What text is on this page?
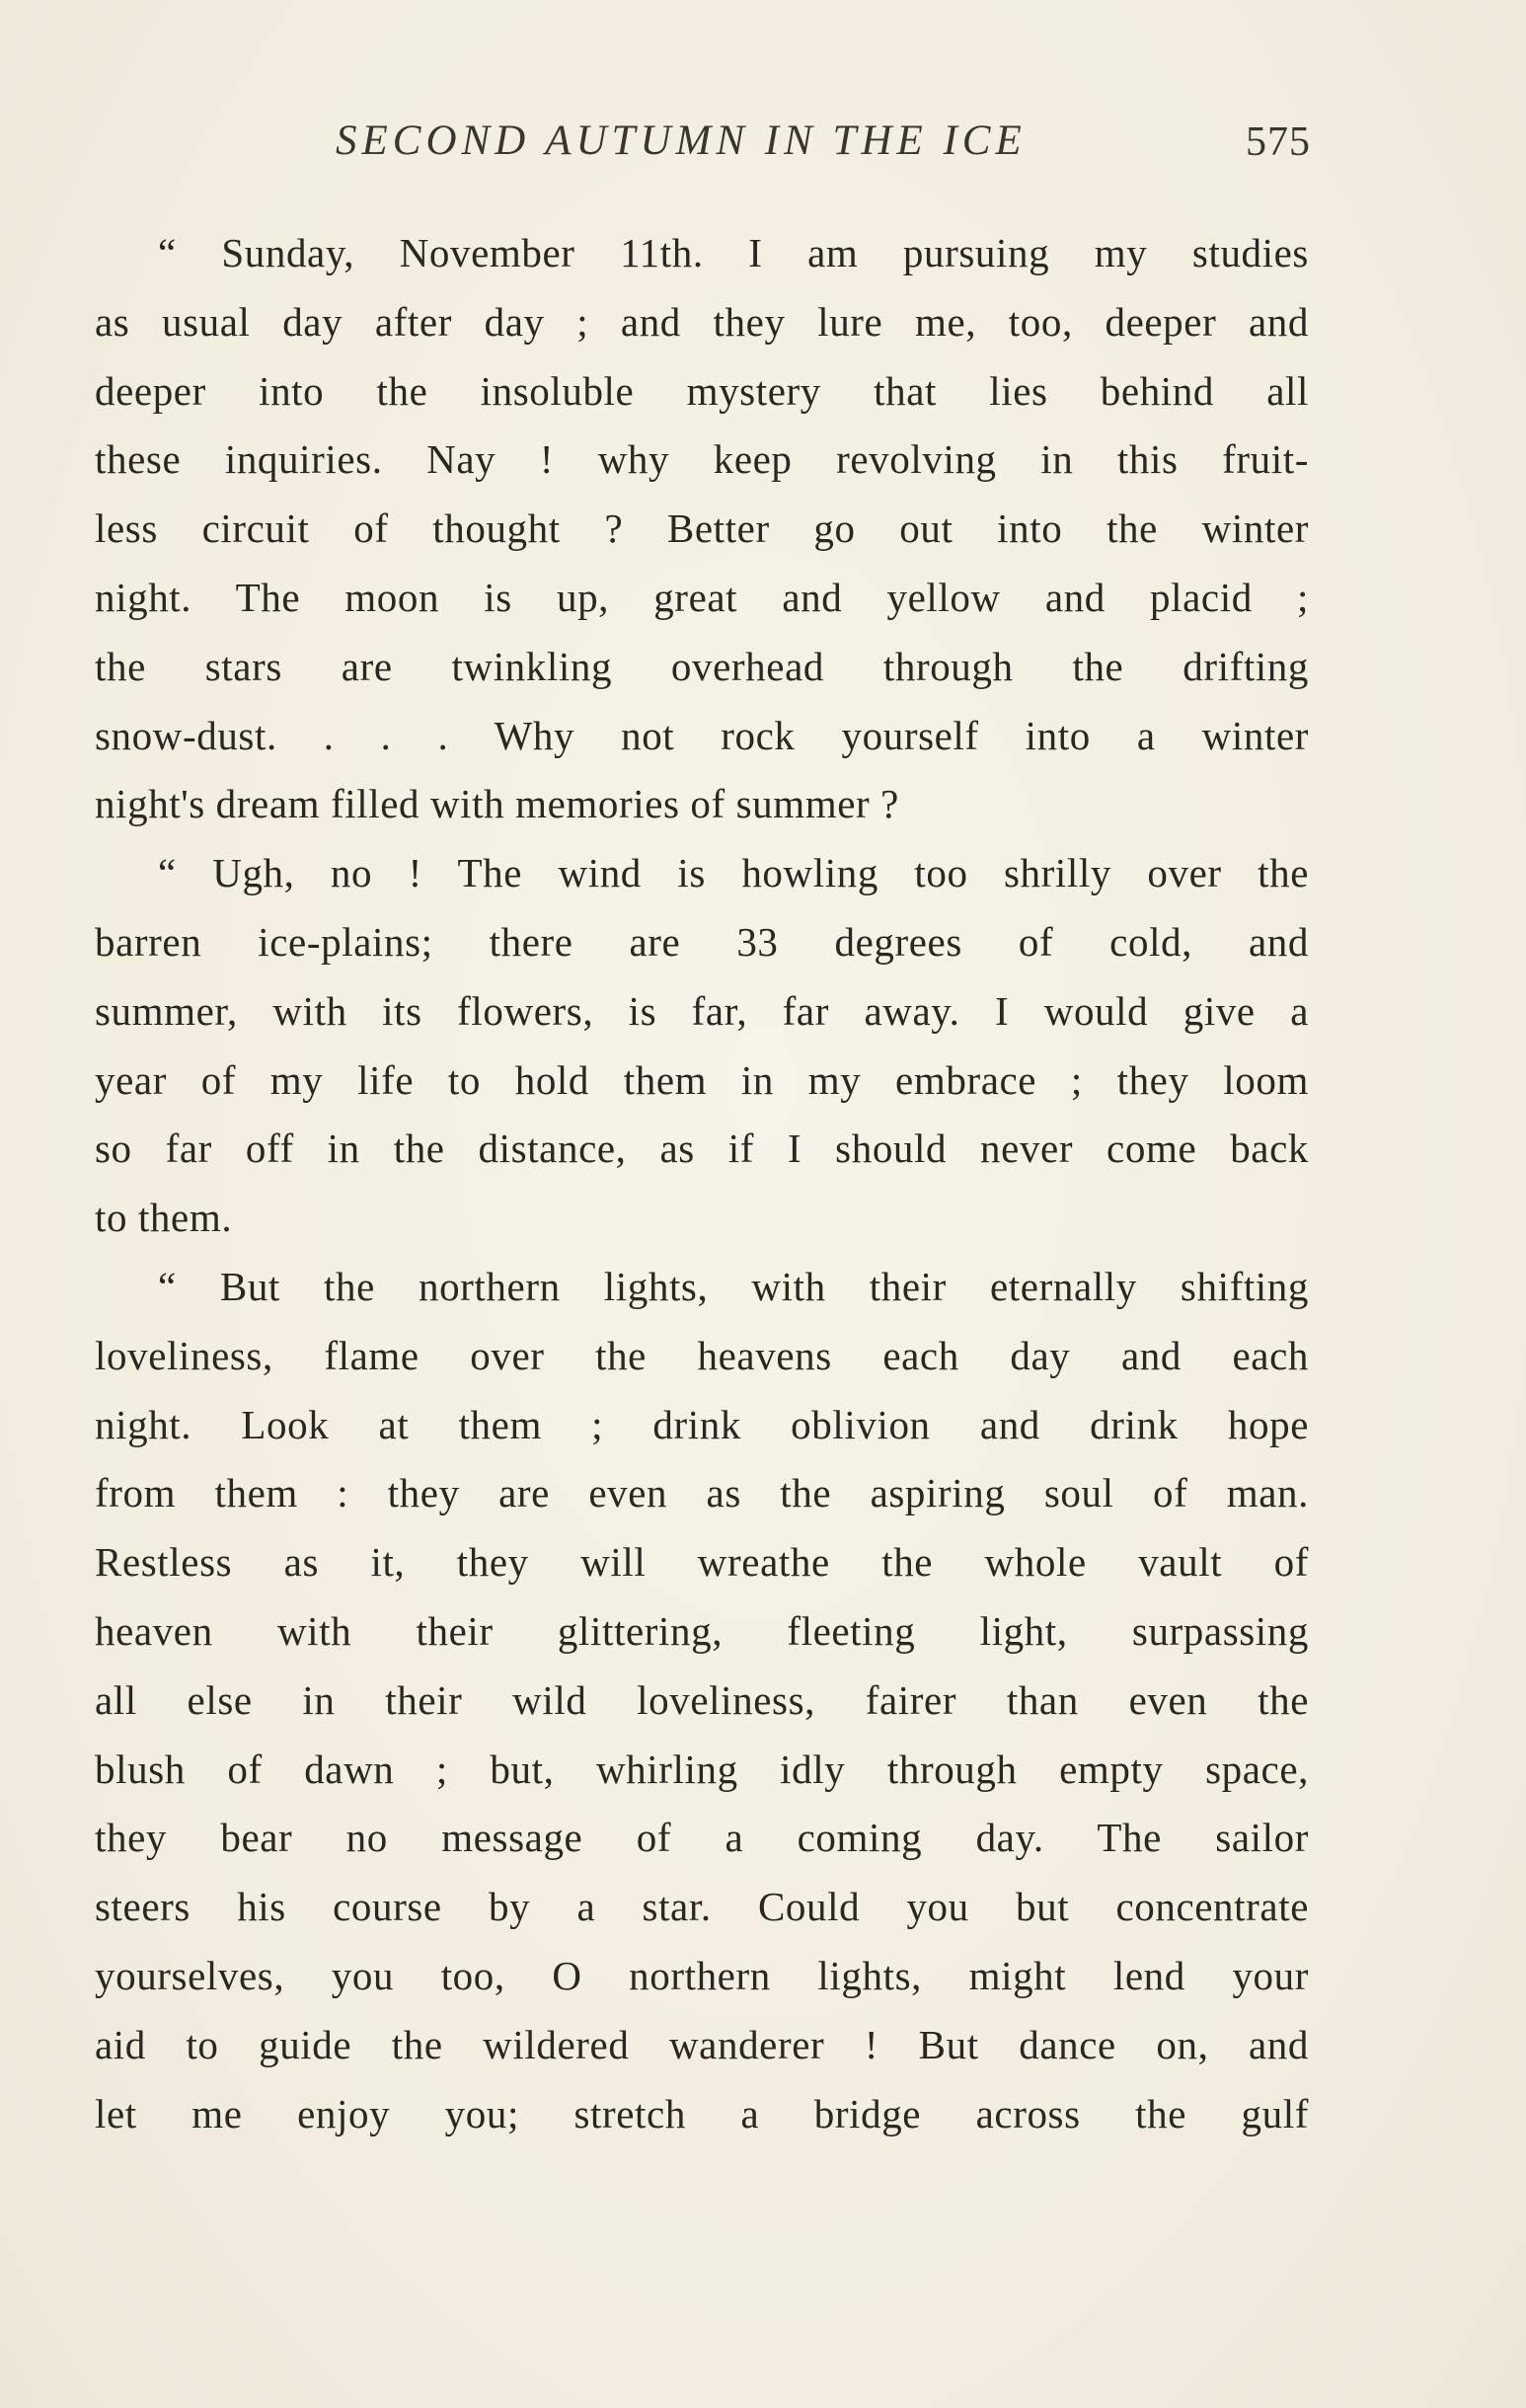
SECOND AUTUMN IN THE ICE	575
“ Sunday, November 11th. I am pursuing my studies
as usual day after day ; and they lure me, too, deeper and
deeper into the insoluble mystery that lies behind all
these inquiries. Nay ! why keep revolving in this fruit-
less circuit of thought ? Better go out into the winter
night. The moon is up, great and yellow and placid ;
the stars are twinkling overhead through the drifting
snow-dust. . . . Why not rock yourself into a winter
night's dream filled with memories of summer ?
“ Ugh, no ! The wind is howling too shrilly over the
barren ice-plains; there are 33 degrees of cold, and
summer, with its flowers, is far, far away. I would give a
year of my life to hold them in my embrace ; they loom
so far off in the distance, as if I should never come back
to them.
“ But the northern lights, with their eternally shifting
loveliness, flame over the heavens each day and each
night. Look at them ; drink oblivion and drink hope
from them : they are even as the aspiring soul of man.
Restless as it, they will wreathe the whole vault of
heaven with their glittering, fleeting light, surpassing
all else in their wild loveliness, fairer than even the
blush of dawn ; but, whirling idly through empty space,
they bear no message of a coming day. The sailor
steers his course by a star. Could you but concentrate
yourselves, you too, O northern lights, might lend your
aid to guide the wildered wanderer ! But dance on, and
let me enjoy you; stretch a bridge across the gulf
